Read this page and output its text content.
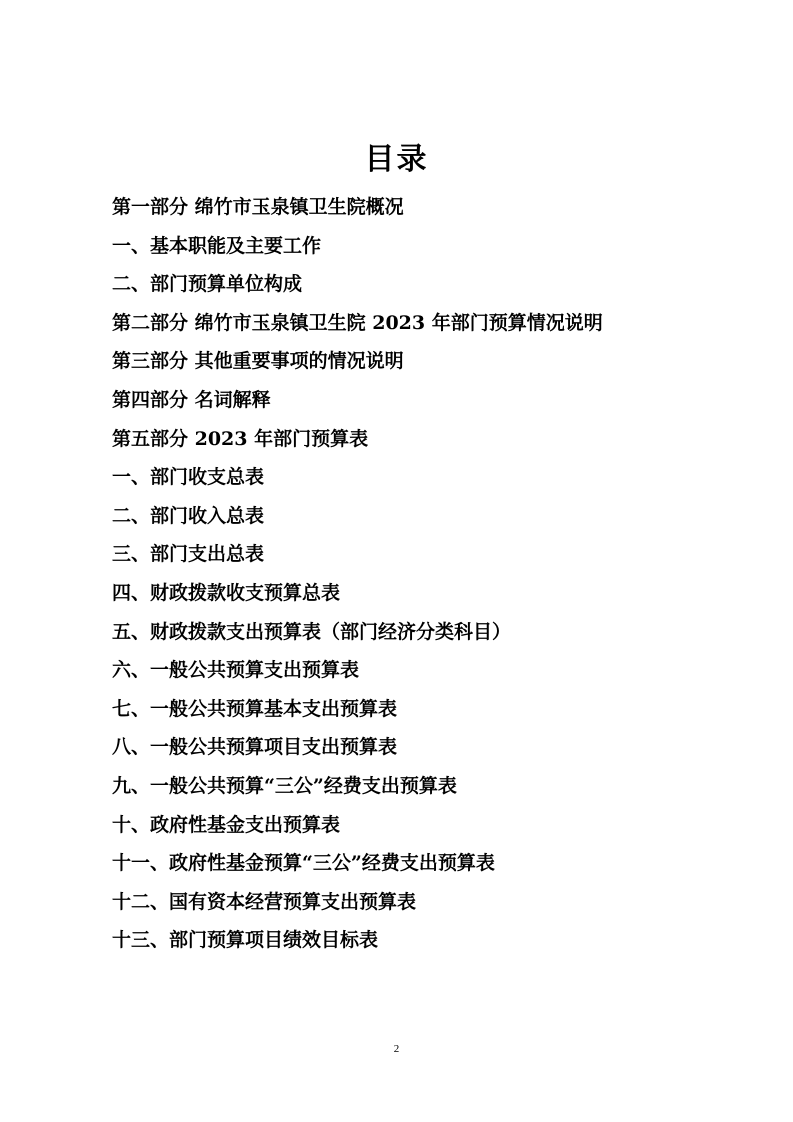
目录
第一部分 绵竹市玉泉镇卫生院概况
一、基本职能及主要工作
二、部门预算单位构成
第二部分 绵竹市玉泉镇卫生院 2023 年部门预算情况说明
第三部分 其他重要事项的情况说明
第四部分 名词解释
第五部分 2023 年部门预算表
一、部门收支总表
二、部门收入总表
三、部门支出总表
四、财政拨款收支预算总表
五、财政拨款支出预算表（部门经济分类科目）
六、一般公共预算支出预算表
七、一般公共预算基本支出预算表
八、一般公共预算项目支出预算表
九、一般公共预算“三公”经费支出预算表
十、政府性基金支出预算表
十一、政府性基金预算“三公”经费支出预算表
十二、国有资本经营预算支出预算表
十三、部门预算项目绩效目标表
2
